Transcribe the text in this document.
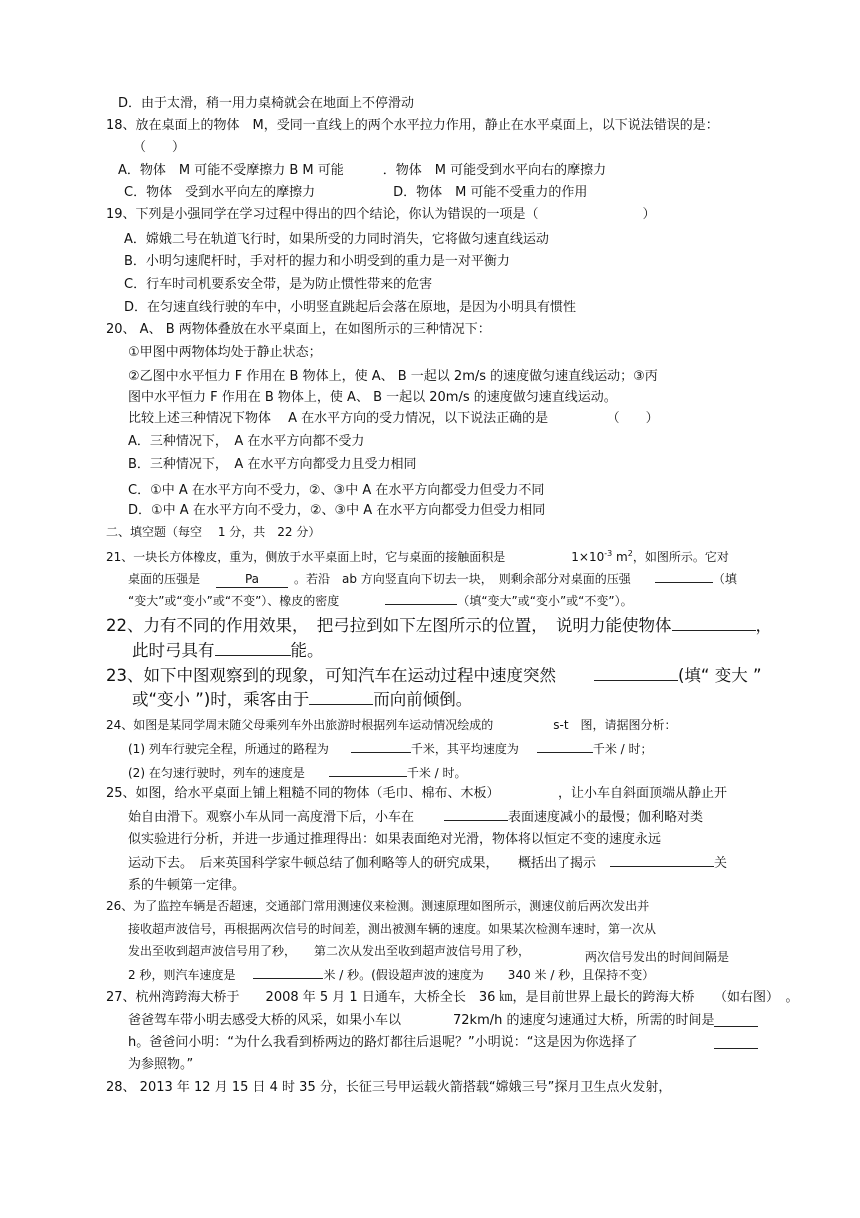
D．由于太滑，稍一用力桌椅就会在地面上不停滑动
18、放在桌面上的物体　M，受同一直线上的两个水平拉力作用，静止在水平桌面上，以下说法错误的是：
（　　）
A．物体　M 可能不受摩擦力 B M 可能　　　．物体　M 可能受到水平向右的摩擦力
C．物体　受到水平向左的摩擦力　　　　　　D．物体　M 可能不受重力的作用
19、下列是小强同学在学习过程中得出的四个结论，你认为错误的一项是（　　　　　　　　）
A．嫦娥二号在轨道飞行时，如果所受的力同时消失，它将做匀速直线运动
B．小明匀速爬杆时，手对杆的握力和小明受到的重力是一对平衡力
C．行车时司机要系安全带，是为防止惯性带来的危害
D．在匀速直线行驶的车中，小明竖直跳起后会落在原地，是因为小明具有惯性
20、 A、 B 两物体叠放在水平桌面上，在如图所示的三种情况下：
①甲图中两物体均处于静止状态；
②乙图中水平恒力 F 作用在 B 物体上，使 A、 B 一起以 2m/s 的速度做匀速直线运动；③丙
图中水平恒力 F 作用在 B 物体上，使 A、 B 一起以 20m/s 的速度做匀速直线运动。
比较上述三种情况下物体　 A 在水平方向的受力情况，以下说法正确的是　　　　　（　　）
A．三种情况下，　A 在水平方向都不受力
B．三种情况下，　A 在水平方向都受力且受力相同
C．①中 A 在水平方向不受力，②、③中 A 在水平方向都受力但受力不同
D．①中 A 在水平方向不受力，②、③中 A 在水平方向都受力但受力相同
二、填空题（每空　 1 分，共　22 分）
21、一块长方体橡皮，重为，侧放于水平桌面上时，它与桌面的接触面积是	$1\times 10^{-3}$ $m^2$，如图所示。它对
桌面的压强是	Pa	。若沿　ab 方向竖直向下切去一块，　则剩余部分对桌面的压强	（填
“变大”或“变小”或“不变”）、橡皮的密度	（填“变大”或“变小”或“不变”）。
22、力有不同的作用效果，　把弓拉到如下左图所示的位置，　说明力能使物体	，
此时弓具有	能。
23、如下中图观察到的现象，可知汽车在运动过程中速度突然	(填“ 变大 ”
或“变小 ”)时，乘客由于	而向前倾倒。
24、如图是某同学周末随父母乘列车外出旅游时根据列车运动情况绘成的　　　　　s-t　图，请据图分析：
(1) 列车行驶完全程，所通过的路程为	千米，其平均速度为	千米 / 时；
(2) 在匀速行驶时，列车的速度是	千米 / 时。
25、如图，给水平桌面上铺上粗糙不同的物体（毛巾、棉布、木板）　　　　　，让小车自斜面顶端从静止开
始自由滑下。观察小车从同一高度滑下后，小车在	表面速度减小的最慢；伽利略对类
似实验进行分析，并进一步通过推理得出：如果表面绝对光滑，物体将以恒定不变的速度永远
运动下去。　后来英国科学家牛顿总结了伽利略等人的研究成果，　　概括出了揭示	关
系的牛顿第一定律。
26、为了监控车辆是否超速，交通部门常用测速仪来检测。测速原理如图所示，测速仪前后两次发出并
接收超声波信号，再根据两次信号的时间差，测出被测车辆的速度。如果某次检测车速时，第一次从
发出至收到超声波信号用了秒，　　第二次从发出至收到超声波信号用了秒，	两次信号发出的时间间隔是
2 秒，则汽车速度是	米 / 秒。(假设超声波的速度为　　340 米 / 秒，且保持不变）
27、杭州湾跨海大桥于　　2008 年 5 月 1 日通车，大桥全长　36 ㎞，是目前世界上最长的跨海大桥　　（如右图）　。
爸爸驾车带小明去感受大桥的风采，如果小车以　　　　72km/h 的速度匀速通过大桥，所需的时间是
h。爸爸问小明：“为什么我看到桥两边的路灯都往后退呢？”小明说：“这是因为你选择了
为参照物。”
28、 2013 年 12 月 15 日 4 时 35 分，长征三号甲运载火箭搭载“嫦娥三号”探月卫生点火发射，
